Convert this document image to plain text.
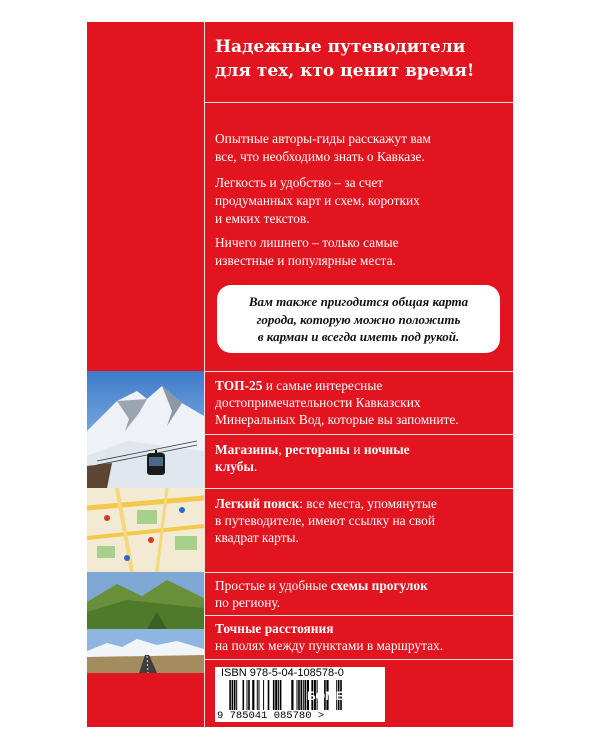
Надежные путеводители
для тех, кто ценит время!
Опытные авторы-гиды расскажут вам
все, что необходимо знать о Кавказе.
Легкость и удобство – за счет
продуманных карт и схем, коротких
и емких текстов.
Ничего лишнего – только самые
известные и популярные места.
Вам также пригодится общая карта
города, которую можно положить
в карман и всегда иметь под рукой.
ТОП-25 и самые интересные
достопримечательности Кавказских
Минеральных Вод, которые вы запомните.
Магазины, рестораны и ночные
клубы.
Легкий поиск: все места, упомянутые
в путеводителе, имеют ссылку на свой
квадрат карты.
Простые и удобные схемы прогулок
по региону.
Точные расстояния
на полях между пунктами в маршрутах.
ISBN 978-5-04-108578-0
9 785041 085780 >
БОМБОРА
